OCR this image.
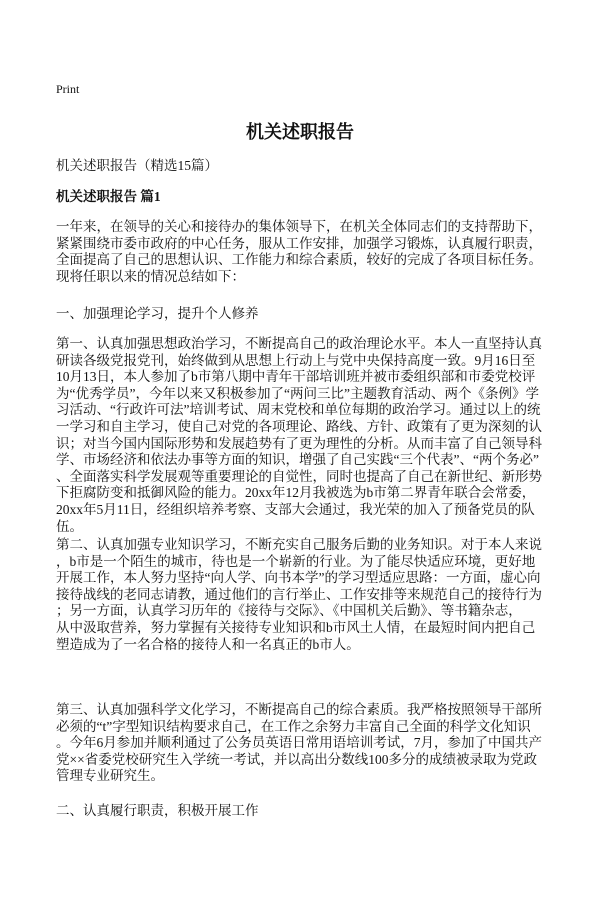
Print
机关述职报告
机关述职报告（精选15篇）
机关述职报告 篇1
一年来，在领导的关心和接待办的集体领导下，在机关全体同志们的支持帮助下，
紧紧围绕市委市政府的中心任务，服从工作安排，加强学习锻炼，认真履行职责，
全面提高了自己的思想认识、工作能力和综合素质，较好的完成了各项目标任务。
现将任职以来的情况总结如下：
一、加强理论学习，提升个人修养
第一、认真加强思想政治学习，不断提高自己的政治理论水平。本人一直坚持认真
研读各级党报党刊，始终做到从思想上行动上与党中央保持高度一致。9月16日至
10月13日，本人参加了b市第八期中青年干部培训班并被市委组织部和市委党校评
为“优秀学员”，今年以来又积极参加了“两问三比”主题教育活动、两个《条例》学
习活动、“行政许可法”培训考试、周末党校和单位每期的政治学习。通过以上的统
一学习和自主学习，使自己对党的各项理论、路线、方针、政策有了更为深刻的认
识；对当今国内国际形势和发展趋势有了更为理性的分析。从而丰富了自己领导科
学、市场经济和依法办事等方面的知识，增强了自己实践“三个代表”、“两个务必”
、全面落实科学发展观等重要理论的自觉性，同时也提高了自己在新世纪、新形势
下拒腐防变和抵御风险的能力。20xx年12月我被选为b市第二界青年联合会常委，
20xx年5月11日，经组织培养考察、支部大会通过，我光荣的加入了预备党员的队
伍。
第二、认真加强专业知识学习，不断充实自己服务后勤的业务知识。对于本人来说
，b市是一个陌生的城市，待也是一个崭新的行业。为了能尽快适应环境，更好地
开展工作，本人努力坚持“向人学、向书本学”的学习型适应思路：一方面，虚心向
接待战线的老同志请教，通过他们的言行举止、工作安排等来规范自己的接待行为
；另一方面，认真学习历年的《接待与交际》、《中国机关后勤》、等书籍杂志，
从中汲取营养，努力掌握有关接待专业知识和b市风土人情，在最短时间内把自己
塑造成为了一名合格的接待人和一名真正的b市人。
第三、认真加强科学文化学习，不断提高自己的综合素质。我严格按照领导干部所
必须的“t”字型知识结构要求自己，在工作之余努力丰富自己全面的科学文化知识
。今年6月参加并顺利通过了公务员英语日常用语培训考试，7月，参加了中国共产
党××省委党校研究生入学统一考试，并以高出分数线100多分的成绩被录取为党政
管理专业研究生。
二、认真履行职责，积极开展工作
